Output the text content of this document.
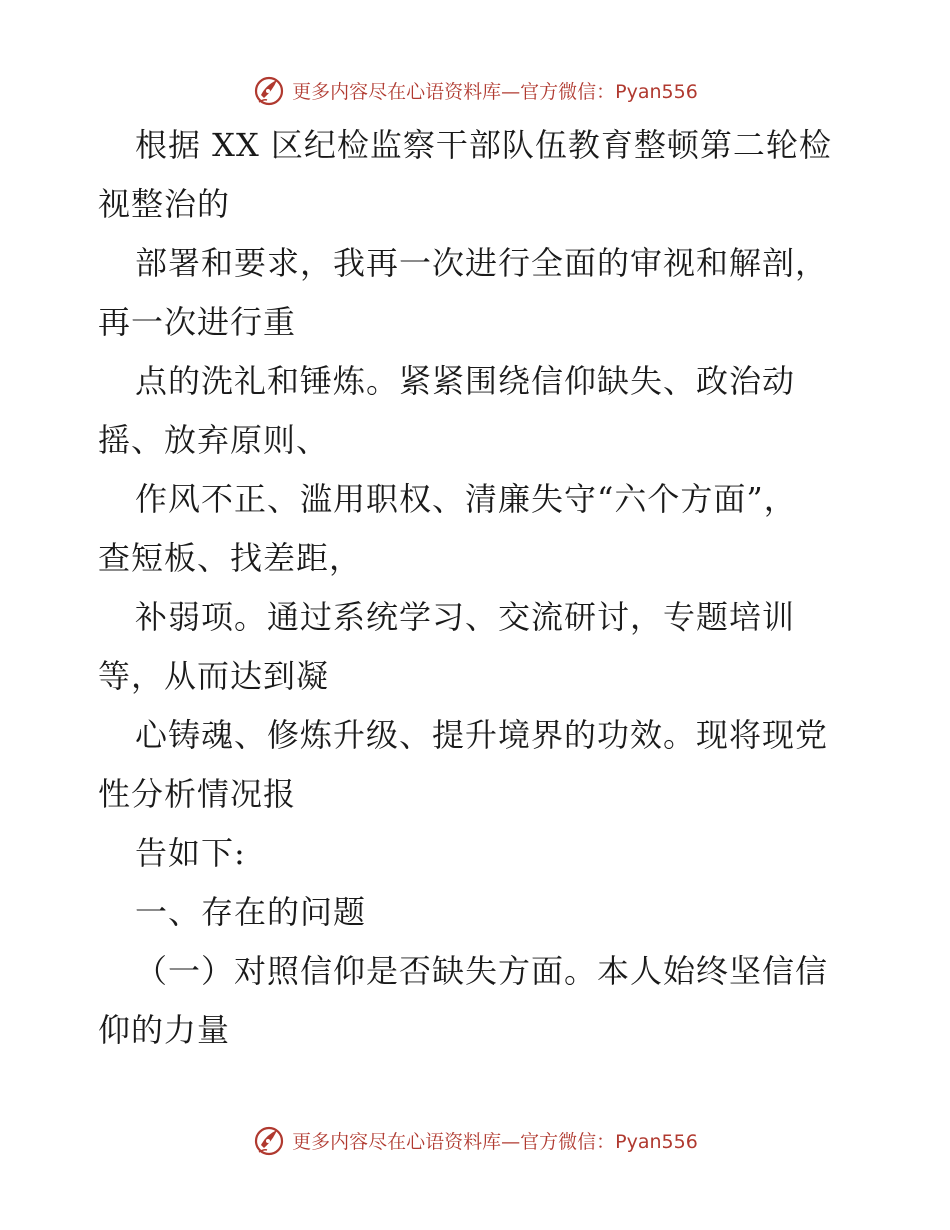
更多内容尽在心语资料库—官方微信：Pyan556
根据 XX 区纪检监察干部队伍教育整顿第二轮检
视整治的
部署和要求，我再一次进行全面的审视和解剖，
再一次进行重
点的洗礼和锤炼。紧紧围绕信仰缺失、政治动
摇、放弃原则、
作风不正、滥用职权、清廉失守“六个方面”，
查短板、找差距，
补弱项。通过系统学习、交流研讨，专题培训
等，从而达到凝
心铸魂、修炼升级、提升境界的功效。现将现党
性分析情况报
告如下:
一、存在的问题
（一）对照信仰是否缺失方面。本人始终坚信信
仰的力量
更多内容尽在心语资料库—官方微信：Pyan556
